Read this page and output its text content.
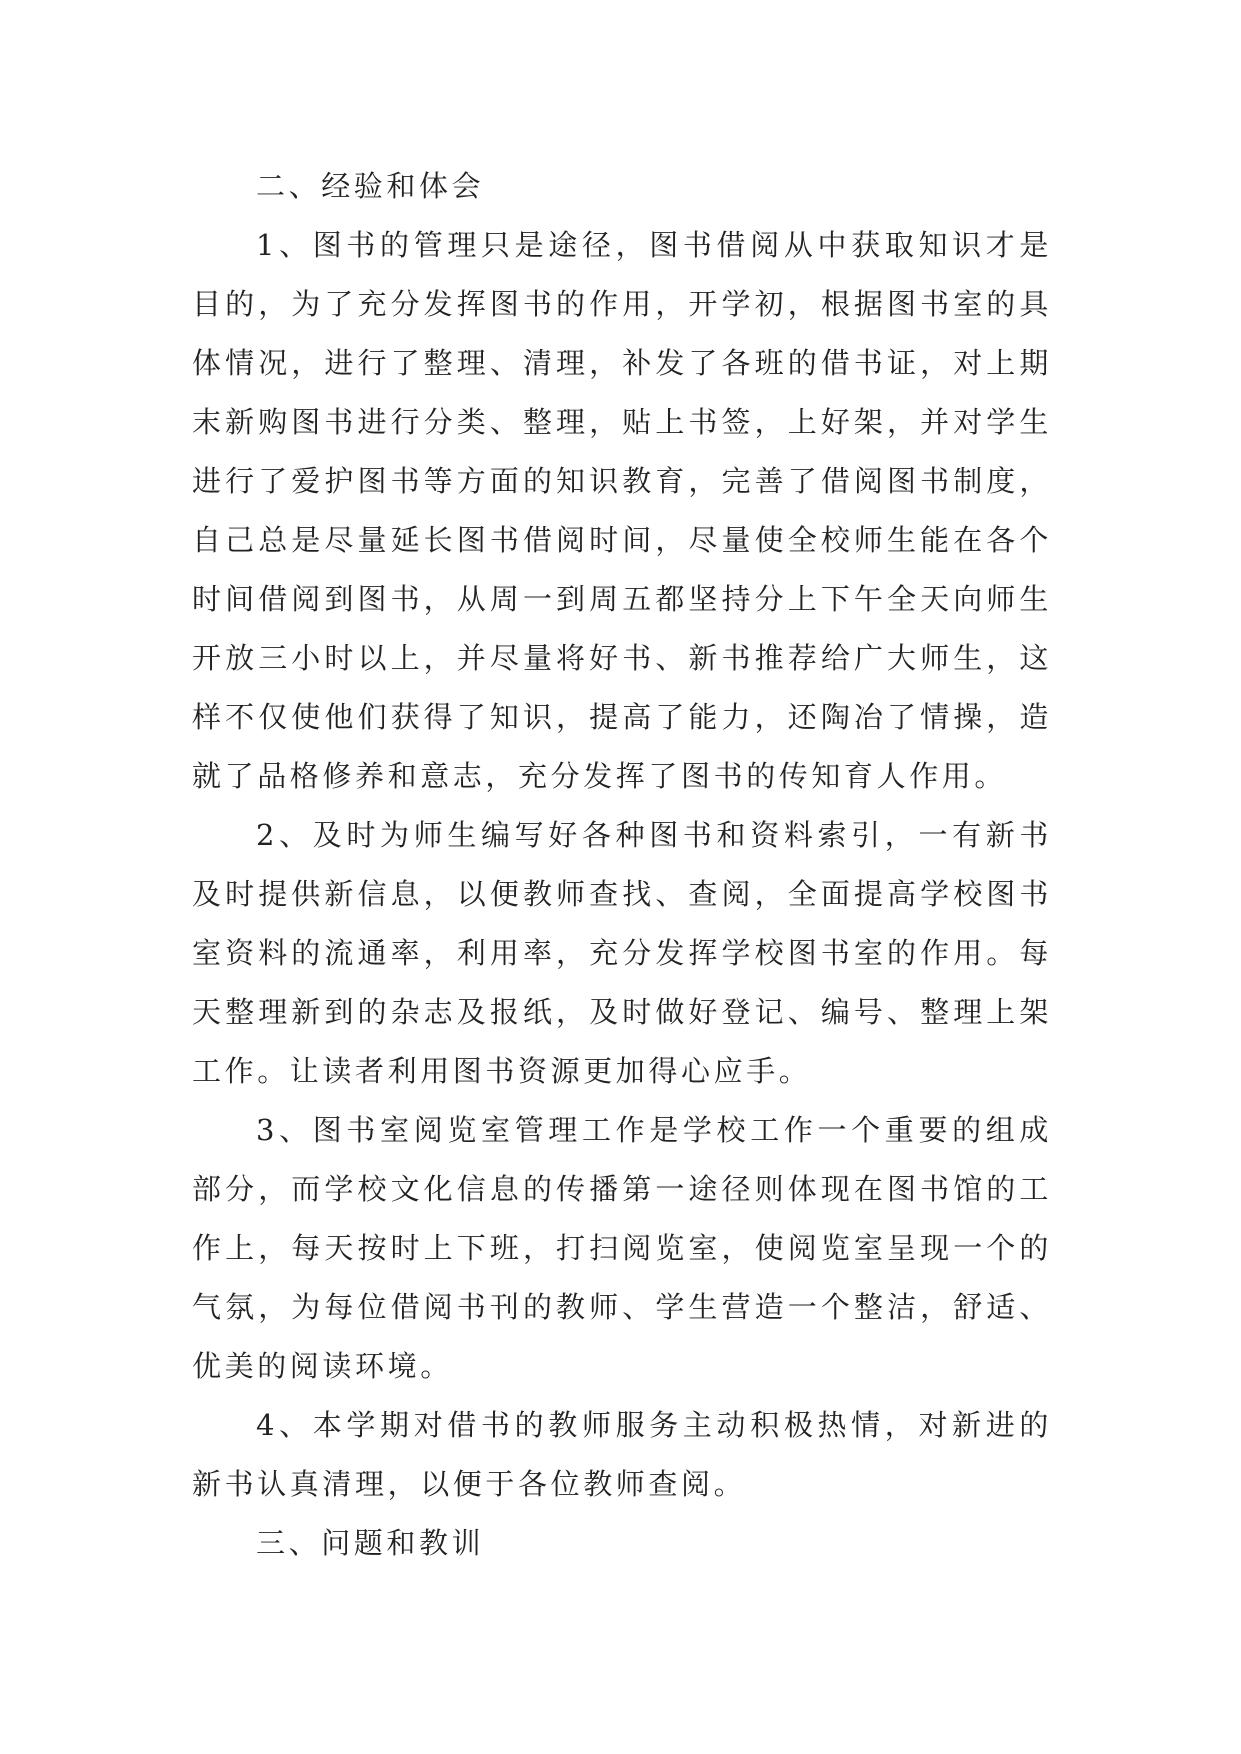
二、经验和体会

1、图书的管理只是途径，图书借阅从中获取知识才是目的，为了充分发挥图书的作用，开学初，根据图书室的具体情况，进行了整理、清理，补发了各班的借书证，对上期末新购图书进行分类、整理，贴上书签，上好架，并对学生进行了爱护图书等方面的知识教育，完善了借阅图书制度，自己总是尽量延长图书借阅时间，尽量使全校师生能在各个时间借阅到图书，从周一到周五都坚持分上下午全天向师生开放三小时以上，并尽量将好书、新书推荐给广大师生，这样不仅使他们获得了知识，提高了能力，还陶冶了情操，造就了品格修养和意志，充分发挥了图书的传知育人作用。

2、及时为师生编写好各种图书和资料索引，一有新书及时提供新信息，以便教师查找、查阅，全面提高学校图书室资料的流通率，利用率，充分发挥学校图书室的作用。每天整理新到的杂志及报纸，及时做好登记、编号、整理上架工作。让读者利用图书资源更加得心应手。

3、图书室阅览室管理工作是学校工作一个重要的组成部分，而学校文化信息的传播第一途径则体现在图书馆的工作上，每天按时上下班，打扫阅览室，使阅览室呈现一个的气氛，为每位借阅书刊的教师、学生营造一个整洁，舒适、优美的阅读环境。

4、本学期对借书的教师服务主动积极热情，对新进的新书认真清理，以便于各位教师查阅。

三、问题和教训
